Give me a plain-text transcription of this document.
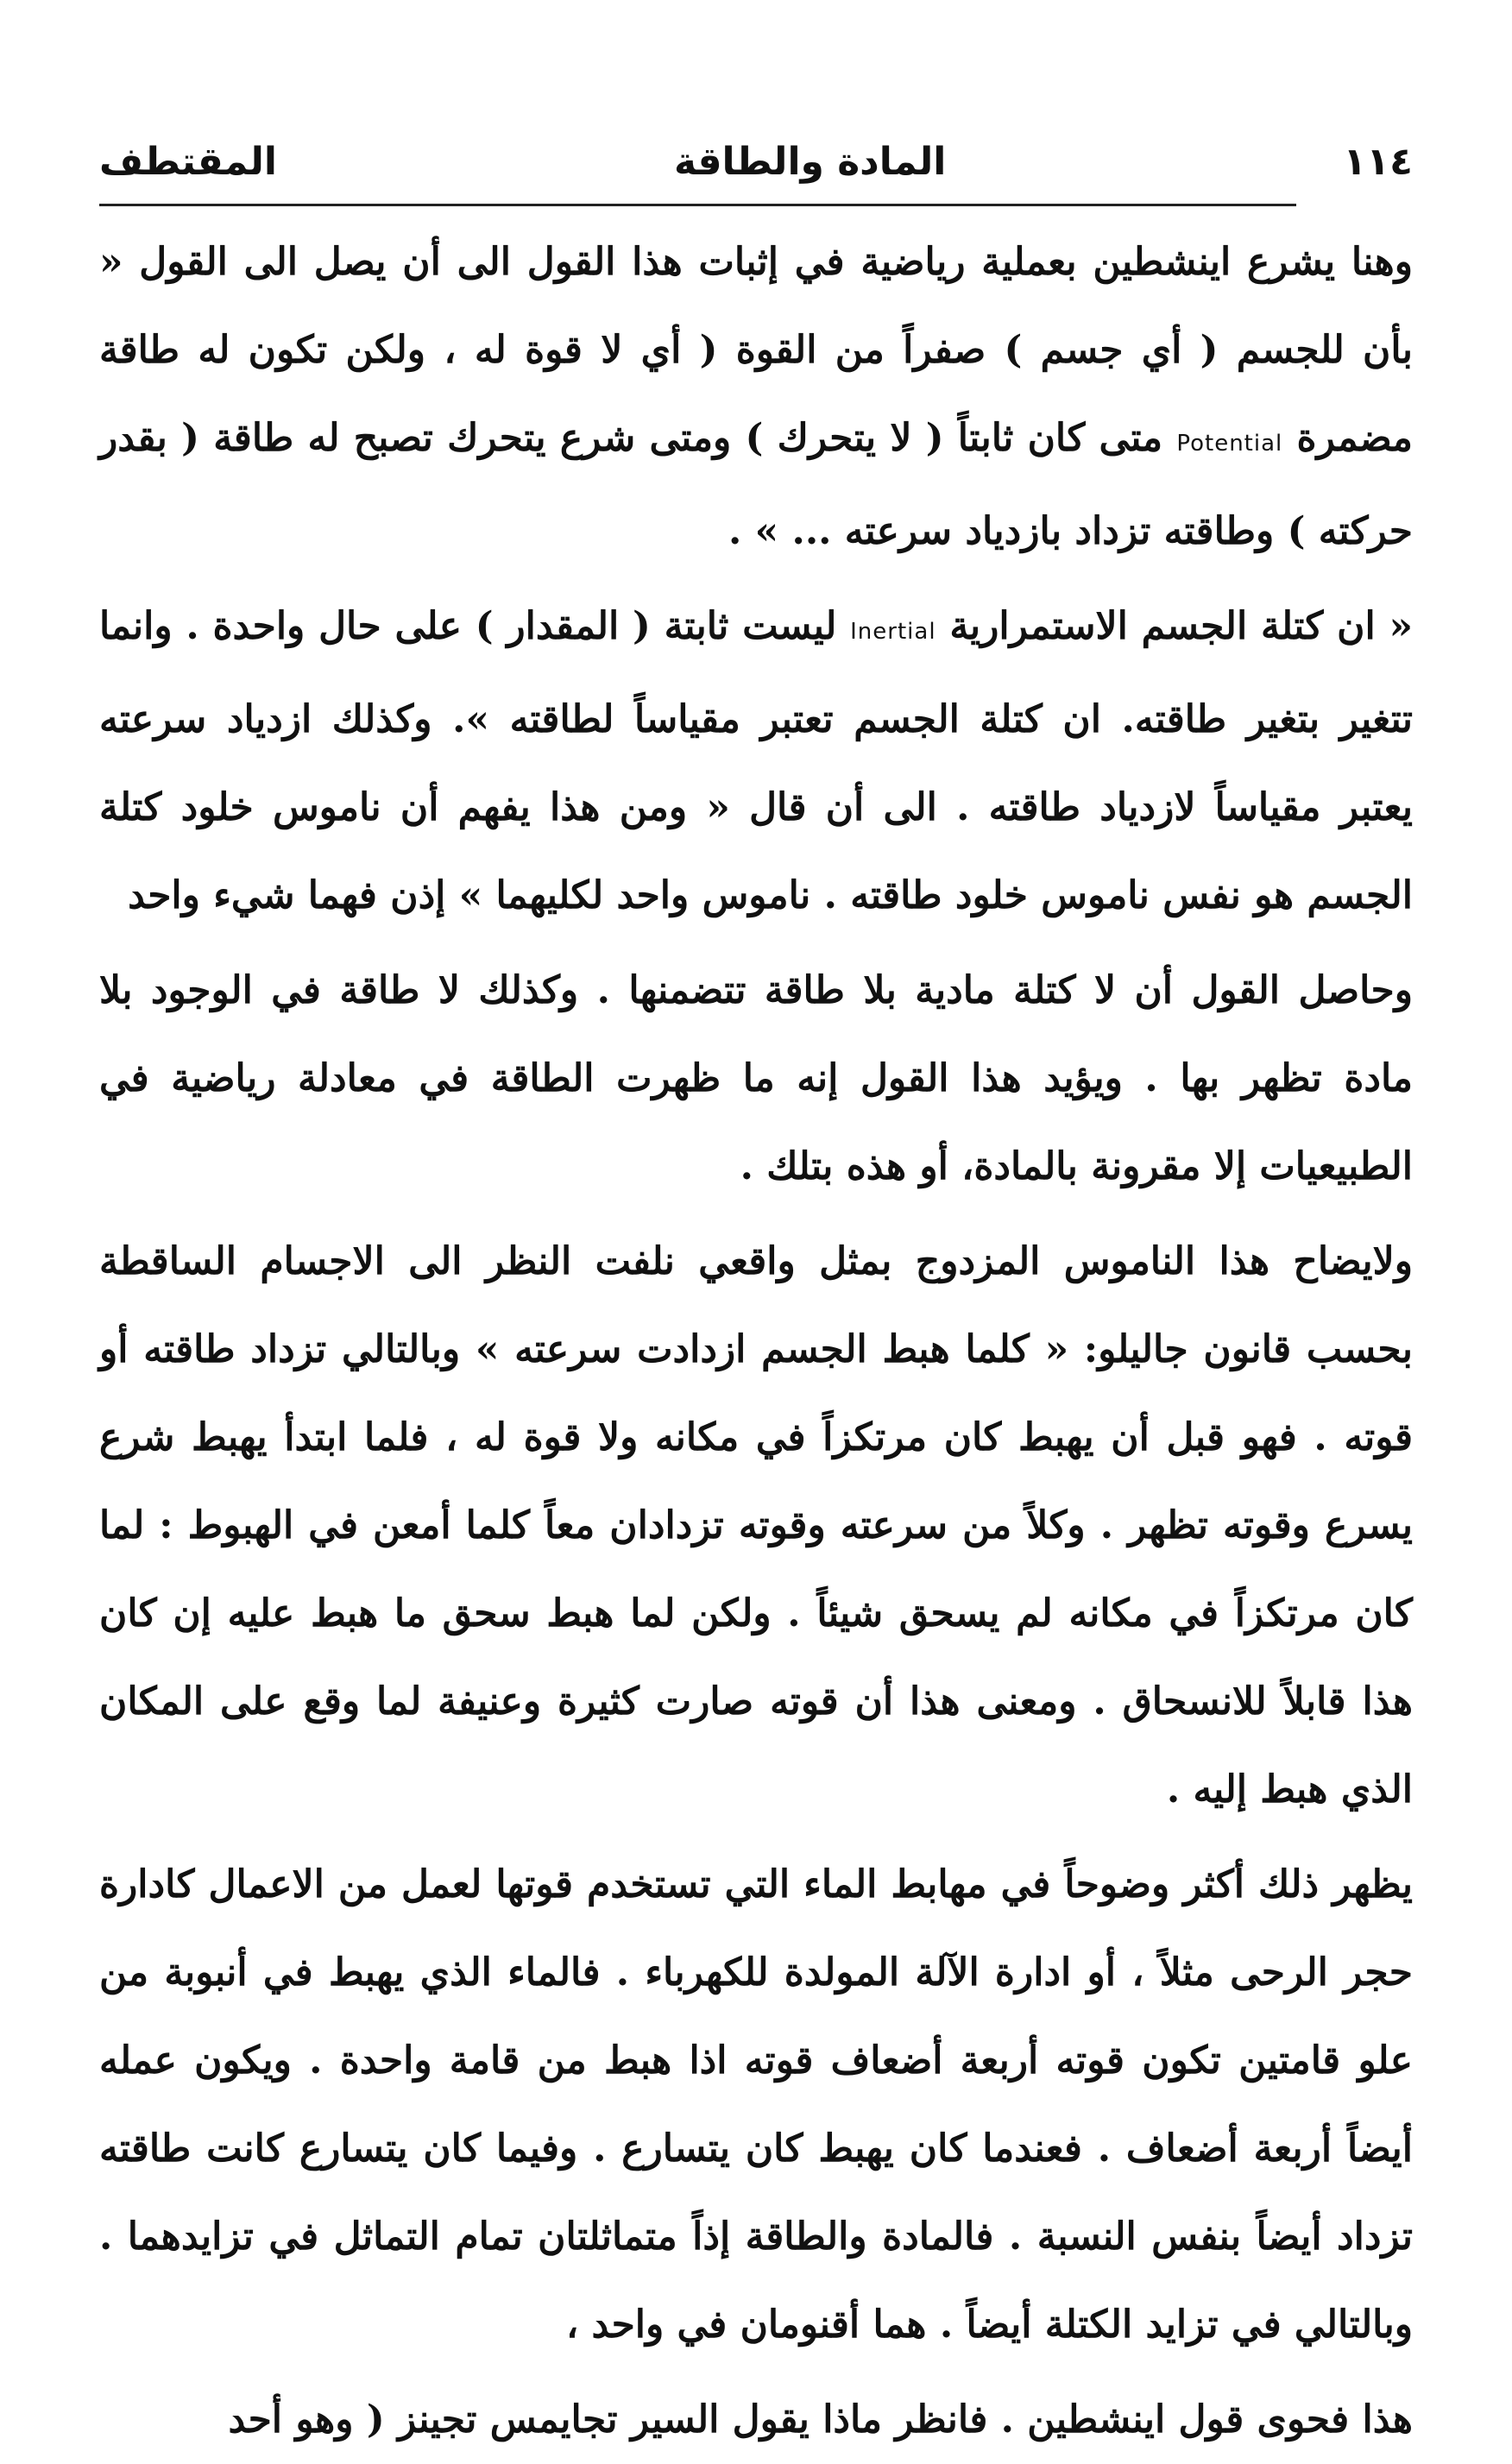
١١٤
المادة والطاقة
المقتطف

وهنا يشرع اينشطين بعملية رياضية في إثبات هذا القول الى أن يصل الى القول « بأن للجسم ( أي جسم ) صفراً من القوة ( أي لا قوة له ، ولكن تكون له طاقة مضمرة Potential متى كان ثابتاً ( لا يتحرك ) ومتى شرع يتحرك تصبح له طاقة ( بقدر حركته ) وطاقته تزداد بازدياد سرعته ... » .

« ان كتلة الجسم الاستمرارية Inertial ليست ثابتة ( المقدار ) على حال واحدة . وانما تتغير بتغير طاقته. ان كتلة الجسم تعتبر مقياساً لطاقته ». وكذلك ازدياد سرعته يعتبر مقياساً لازدياد طاقته . الى أن قال « ومن هذا يفهم أن ناموس خلود كتلة الجسم هو نفس ناموس خلود طاقته . ناموس واحد لكليهما » إذن فهما شيء واحد

وحاصل القول أن لا كتلة مادية بلا طاقة تتضمنها . وكذلك لا طاقة في الوجود بلا مادة تظهر بها . ويؤيد هذا القول إنه ما ظهرت الطاقة في معادلة رياضية في الطبيعيات إلا مقرونة بالمادة، أو هذه بتلك .

ولايضاح هذا الناموس المزدوج بمثل واقعي نلفت النظر الى الاجسام الساقطة بحسب قانون جاليلو: « كلما هبط الجسم ازدادت سرعته » وبالتالي تزداد طاقته أو قوته . فهو قبل أن يهبط كان مرتكزاً في مكانه ولا قوة له ، فلما ابتدأ يهبط شرع يسرع وقوته تظهر . وكلاً من سرعته وقوته تزدادان معاً كلما أمعن في الهبوط : لما كان مرتكزاً في مكانه لم يسحق شيئاً . ولكن لما هبط سحق ما هبط عليه إن كان هذا قابلاً للانسحاق . ومعنى هذا أن قوته صارت كثيرة وعنيفة لما وقع على المكان الذي هبط إليه .

يظهر ذلك أكثر وضوحاً في مهابط الماء التي تستخدم قوتها لعمل من الاعمال كادارة حجر الرحى مثلاً ، أو ادارة الآلة المولدة للكهرباء . فالماء الذي يهبط في أنبوبة من علو قامتين تكون قوته أربعة أضعاف قوته اذا هبط من قامة واحدة . ويكون عمله أيضاً أربعة أضعاف . فعندما كان يهبط كان يتسارع . وفيما كان يتسارع كانت طاقته تزداد أيضاً بنفس النسبة . فالمادة والطاقة إذاً متماثلتان تمام التماثل في تزايدهما . وبالتالي في تزايد الكتلة أيضاً . هما أقنومان في واحد ،

هذا فحوى قول اينشطين . فانظر ماذا يقول السير تجايمس تجينز ( وهو أحد
